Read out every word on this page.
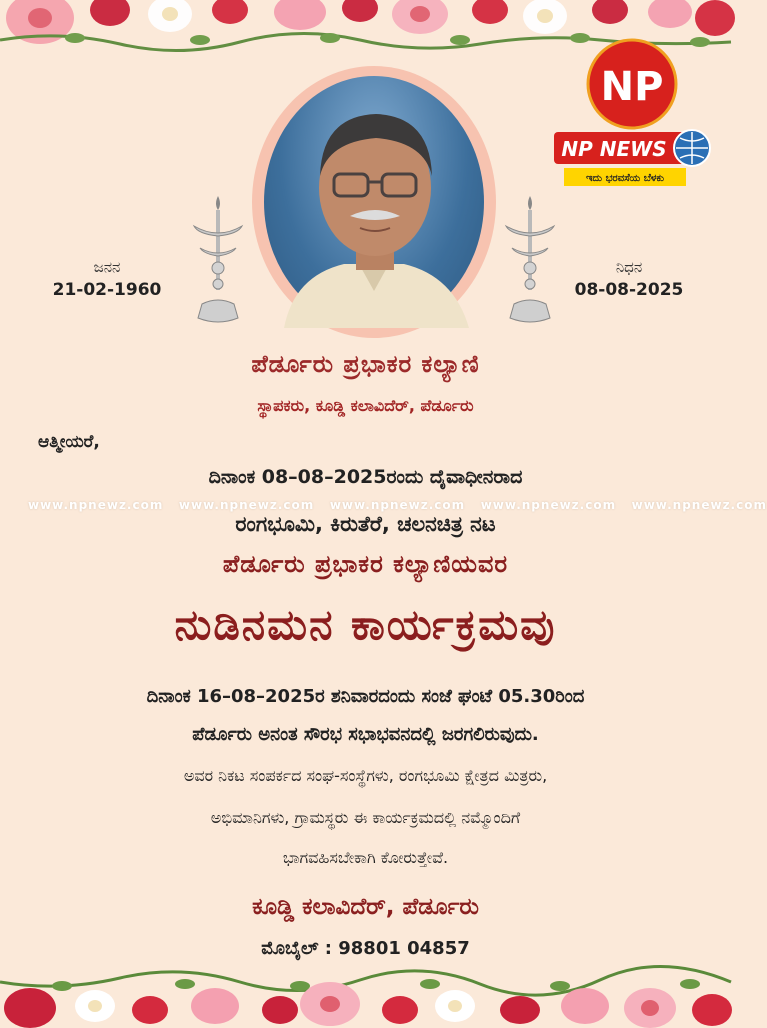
ಜನನ
21-02-1960
ನಿಧನ
08-08-2025
NP
NP NEWS
ಇದು ಭರವಸೆಯ ಬೆಳಕು
ಪೆರ್ಡೂರು ಪ್ರಭಾಕರ ಕಲ್ಯಾಣಿ
ಸ್ಥಾಪಕರು, ಕೂಡ್ಡಿ ಕಲಾವಿದೆರ್, ಪೆರ್ಡೂರು
ಆತ್ಮೀಯರೆ,
ದಿನಾಂಕ 08–08–2025ರಂದು ದೈವಾಧೀನರಾದ
www.npnewz.com www.npnewz.com www.npnewz.com www.npnewz.com www.npnewz.com
ರಂಗಭೂಮಿ, ಕಿರುತೆರೆ, ಚಲನಚಿತ್ರ ನಟ
ಪೆರ್ಡೂರು ಪ್ರಭಾಕರ ಕಲ್ಯಾಣಿಯವರ
ನುಡಿನಮನ ಕಾರ್ಯಕ್ರಮವು
ದಿನಾಂಕ 16–08–2025ರ ಶನಿವಾರದಂದು ಸಂಜೆ ಘಂಟೆ 05.30ರಿಂದ
ಪೆರ್ಡೂರು ಅನಂತ ಸೌರಭ ಸಭಾಭವನದಲ್ಲಿ ಜರಗಲಿರುವುದು.
ಅವರ ನಿಕಟ ಸಂಪರ್ಕದ ಸಂಘ-ಸಂಸ್ಥೆಗಳು, ರಂಗಭೂಮಿ ಕ್ಷೇತ್ರದ ಮಿತ್ರರು,
ಅಭಿಮಾನಿಗಳು, ಗ್ರಾಮಸ್ಥರು ಈ ಕಾರ್ಯಕ್ರಮದಲ್ಲಿ ನಮ್ಮೊಂದಿಗೆ
ಭಾಗವಹಿಸಬೇಕಾಗಿ ಕೋರುತ್ತೇವೆ.
ಕೂಡ್ಡಿ ಕಲಾವಿದೆರ್, ಪೆರ್ಡೂರು
ಮೊಬೈಲ್ : 98801 04857
